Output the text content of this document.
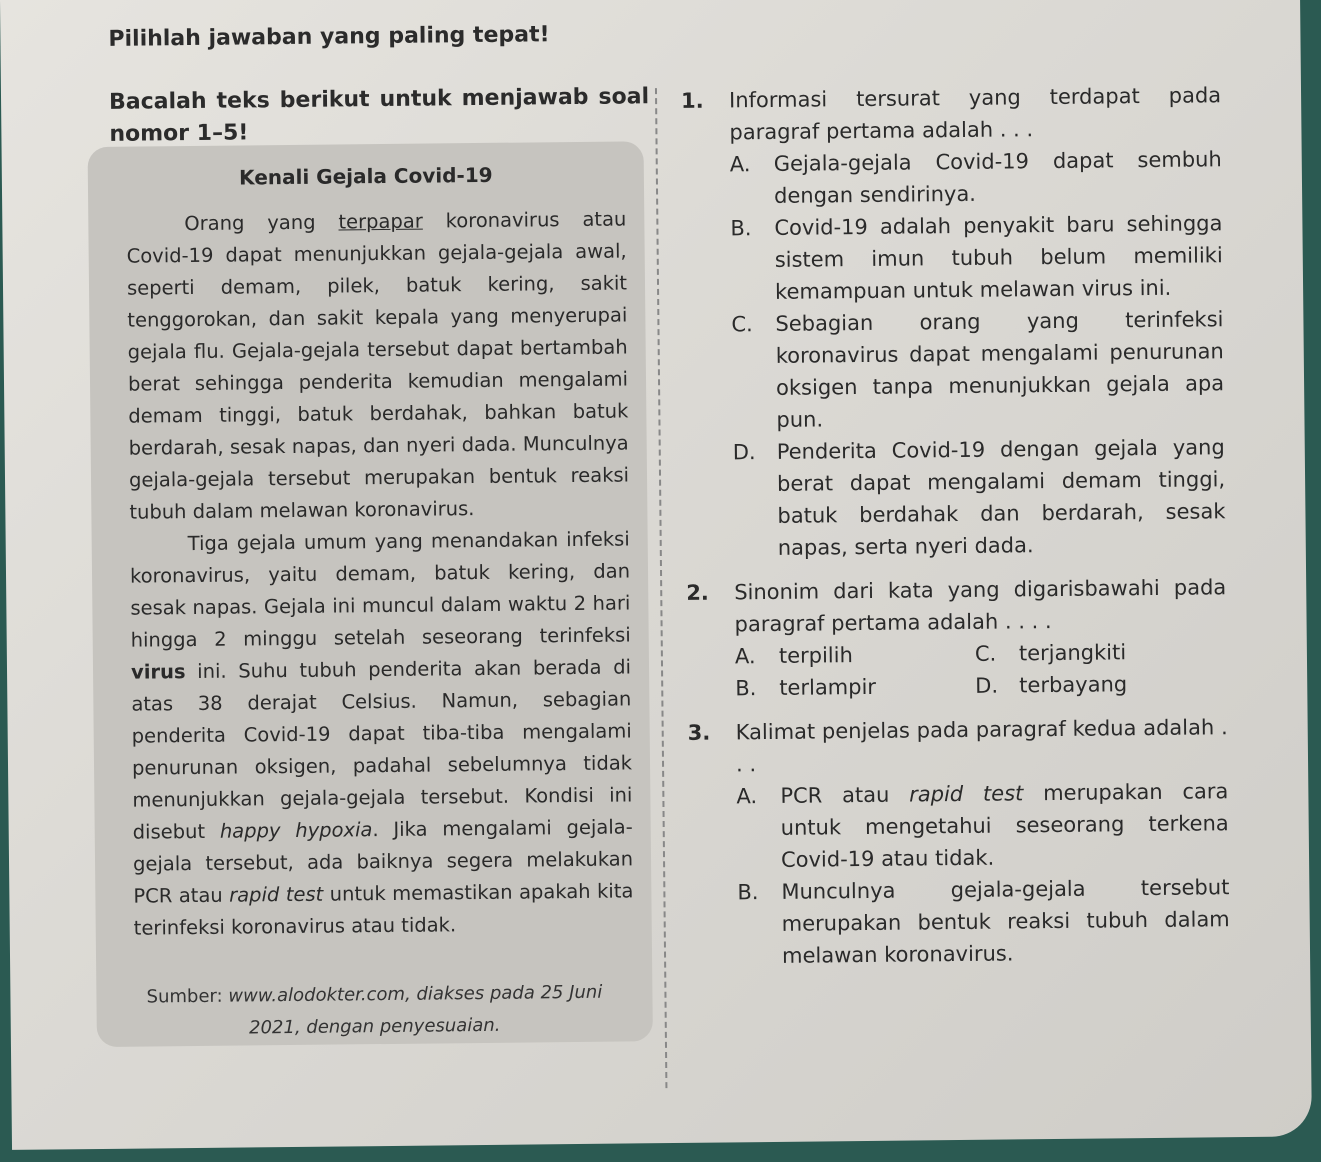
Pilihlah jawaban yang paling tepat!
Bacalah teks berikut untuk menjawab soal nomor 1–5!
Kenali Gejala Covid-19

Orang yang terpapar koronavirus atau Covid-19 dapat menunjukkan gejala-gejala awal, seperti demam, pilek, batuk kering, sakit tenggorokan, dan sakit kepala yang menyerupai gejala flu. Gejala-gejala tersebut dapat bertambah berat sehingga penderita kemudian mengalami demam tinggi, batuk berdahak, bahkan batuk berdarah, sesak napas, dan nyeri dada. Munculnya gejala-gejala tersebut merupakan bentuk reaksi tubuh dalam melawan koronavirus.

Tiga gejala umum yang menandakan infeksi koronavirus, yaitu demam, batuk kering, dan sesak napas. Gejala ini muncul dalam waktu 2 hari hingga 2 minggu setelah seseorang terinfeksi virus ini. Suhu tubuh penderita akan berada di atas 38 derajat Celsius. Namun, sebagian penderita Covid-19 dapat tiba-tiba mengalami penurunan oksigen, padahal sebelumnya tidak menunjukkan gejala-gejala tersebut. Kondisi ini disebut happy hypoxia. Jika mengalami gejala-gejala tersebut, ada baiknya segera melakukan PCR atau rapid test untuk memastikan apakah kita terinfeksi koronavirus atau tidak.

Sumber: www.alodokter.com, diakses pada 25 Juni 2021, dengan penyesuaian.
1.	Informasi tersurat yang terdapat pada paragraf pertama adalah . . .
A.	Gejala-gejala Covid-19 dapat sembuh dengan sendirinya.
B.	Covid-19 adalah penyakit baru sehingga sistem imun tubuh belum memiliki kemampuan untuk melawan virus ini.
C.	Sebagian orang yang terinfeksi koronavirus dapat mengalami penurunan oksigen tanpa menunjukkan gejala apa pun.
D. Penderita Covid-19 dengan gejala yang berat dapat mengalami demam tinggi, batuk berdahak dan berdarah, sesak napas, serta nyeri dada.
2.	Sinonim dari kata yang digarisbawahi pada paragraf pertama adalah . . . .
A.	terpilih	C.	terjangkiti
B.	terlampir	D. terbayang
3.	Kalimat penjelas pada paragraf kedua adalah . . .
A.	PCR atau rapid test merupakan cara untuk mengetahui seseorang terkena Covid-19 atau tidak.
B.	Munculnya gejala-gejala tersebut merupakan bentuk reaksi tubuh dalam melawan koronavirus.
